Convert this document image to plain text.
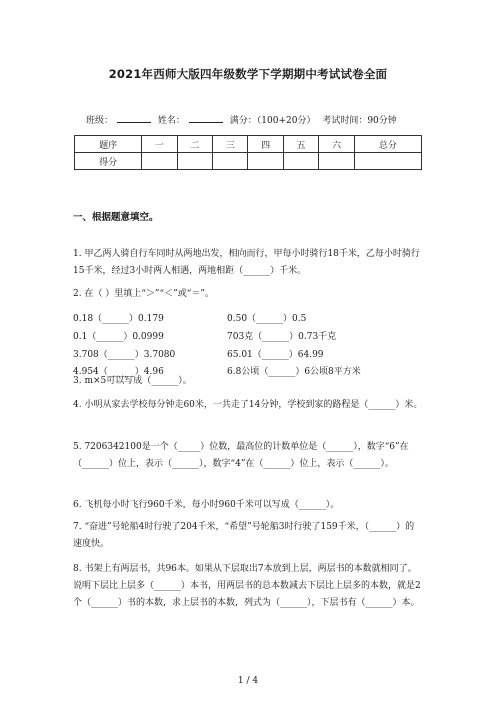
2021年西师大版四年级数学下学期期中考试试卷全面
班级：	姓名：	满分：（100+20分） 考试时间：90分钟
题序	一	二	三	四	五	六	总分
得分							
一、根据题意填空。
1. 甲乙两人骑自行车同时从两地出发，相向而行，甲每小时骑行18千米，乙每小时骑行15千米，经过3小时两人相遇，两地相距（______）千米。
2. 在（ ）里填上“＞”“＜”或“＝”。
0.18（______）0.179	0.50（______）0.5
0.1（______）0.0999	703克（______）0.73千克
3.708（______）3.7080	65.01（______）64.99
4.954（______）4.96	6.8公顷（______）6公顷8平方米
3. m×5可以写成（______）。
4. 小明从家去学校每分钟走60米，一共走了14分钟，学校到家的路程是（______）米。
5. 7206342100是一个（_____）位数，最高位的计数单位是（______），数字“6”在（______）位上，表示（______），数字“4”在（______）位上，表示（______）。
6. 飞机每小时飞行960千米，每小时960千米可以写成（______）。
7. “奋进”号轮船4时行驶了204千米，“希望”号轮船3时行驶了159千米，（______）的速度快。
8. 书架上有两层书，共96本。如果从下层取出7本放到上层，两层书的本数就相同了。说明下层比上层多（______）本书，用两层书的总本数减去下层比上层多的本数，就是2个（______）书的本数，求上层书的本数，列式为（______），下层书有（______）本。
1 / 4
